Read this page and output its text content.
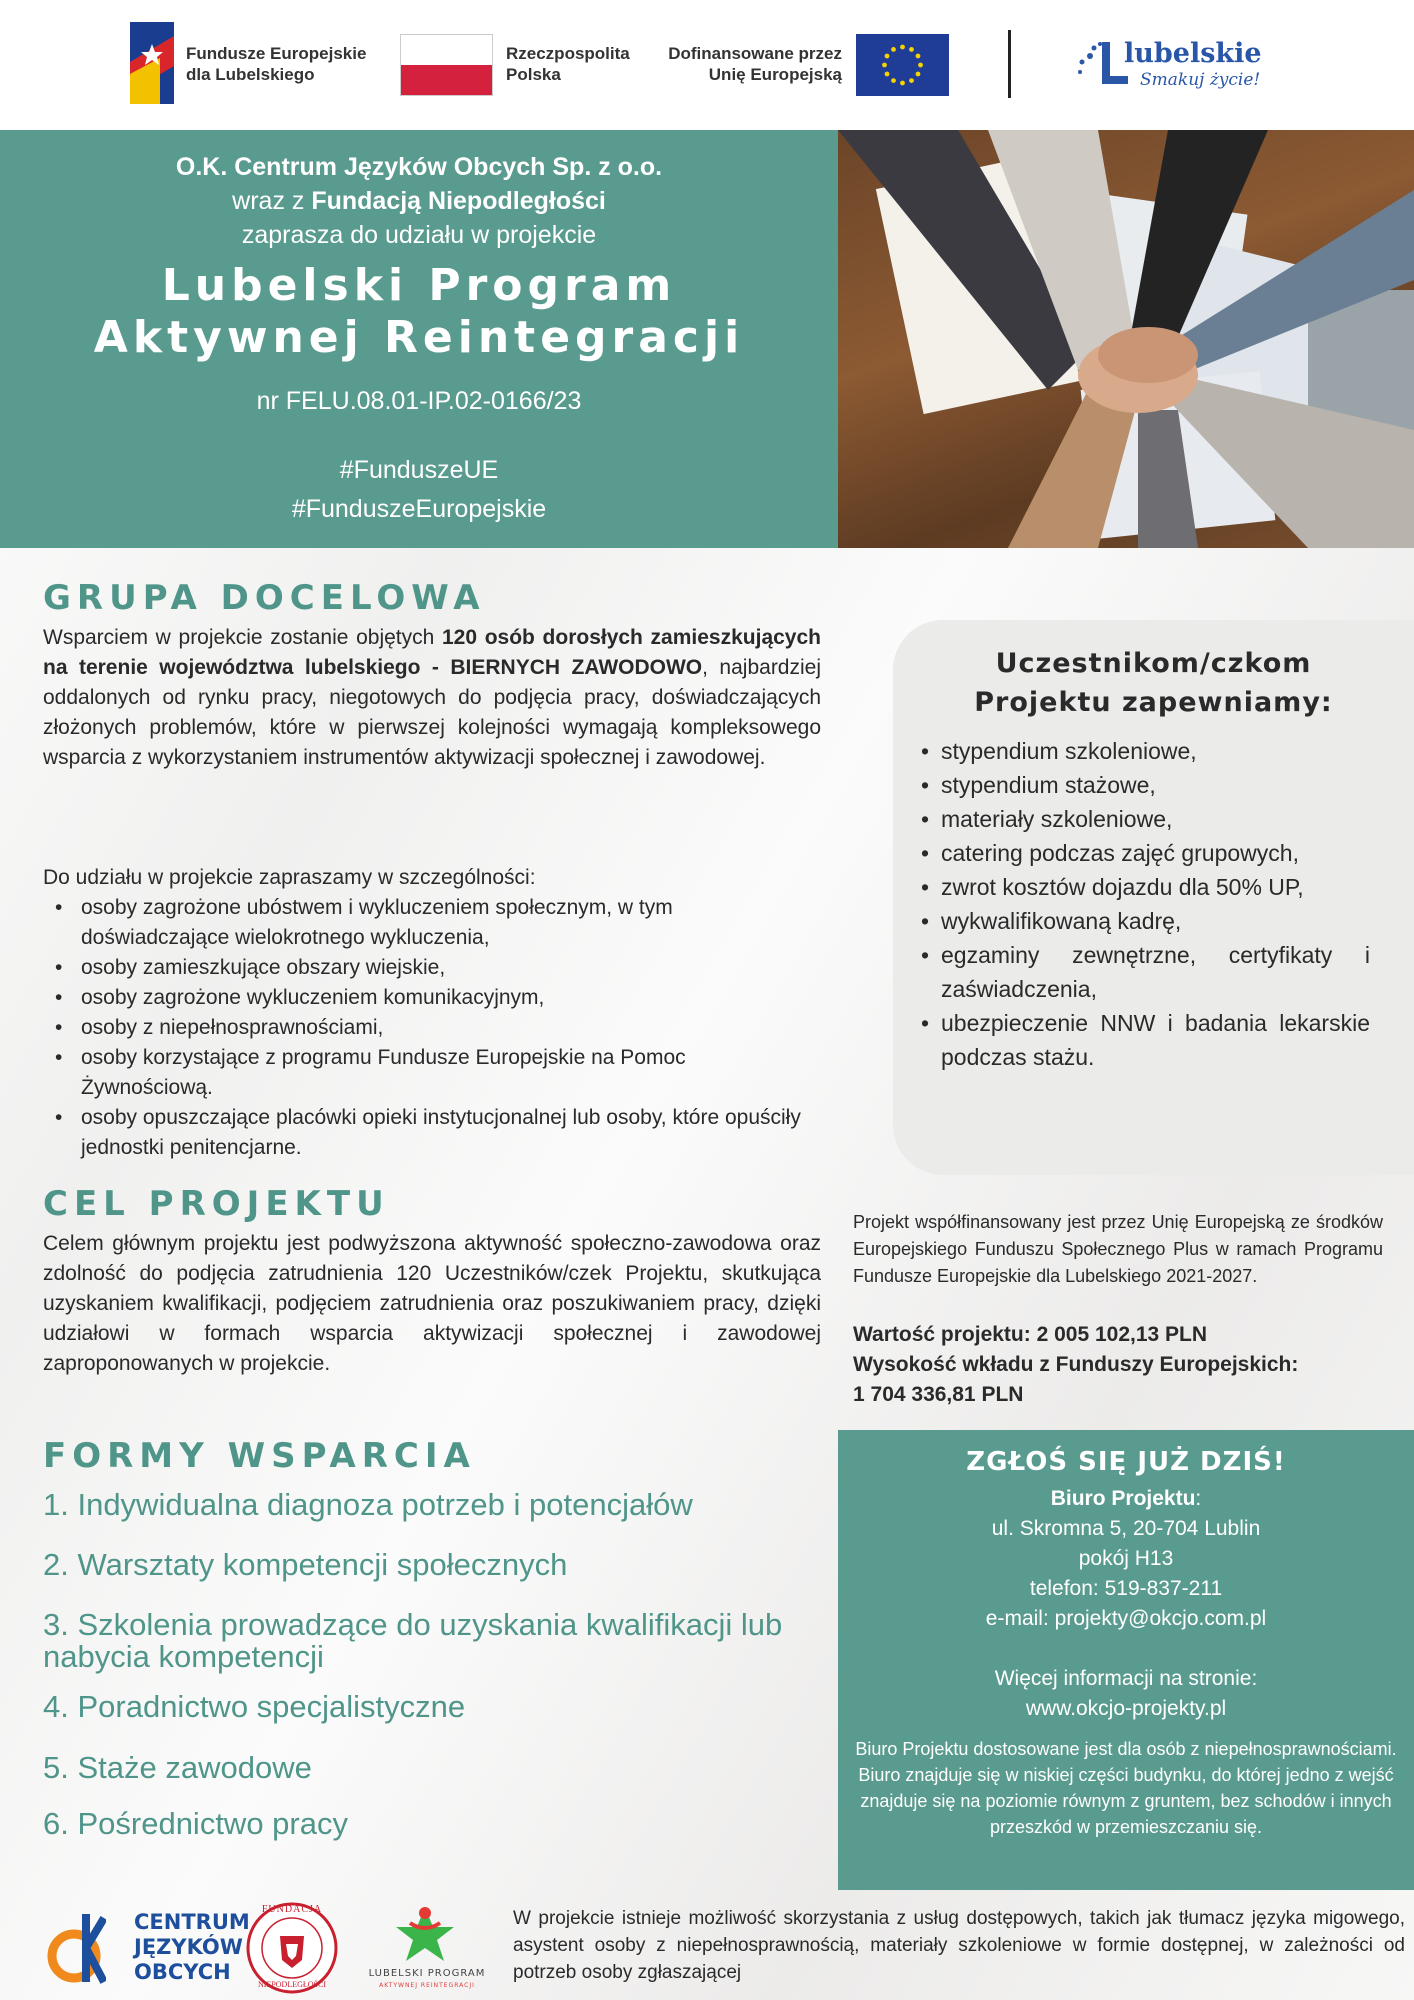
Fundusze Europejskie
dla Lubelskiego
Rzeczpospolita
Polska
Dofinansowane przez
Unię Europejską
lubelskie
Smakuj życie!
O.K. Centrum Języków Obcych Sp. z o.o.
wraz z Fundacją Niepodległości
zaprasza do udziału w projekcie
Lubelski Program
Aktywnej Reintegracji
nr FELU.08.01-IP.02-0166/23
#FunduszeUE
#FunduszeEuropejskie
GRUPA DOCELOWA
Wsparciem w projekcie zostanie objętych 120 osób dorosłych zamieszkujących na terenie województwa lubelskiego - BIERNYCH ZAWODOWO, najbardziej oddalonych od rynku pracy, niegotowych do podjęcia pracy, doświadczających złożonych problemów, które w pierwszej kolejności wymagają kompleksowego wsparcia z wykorzystaniem instrumentów aktywizacji społecznej i zawodowej.
Do udziału w projekcie zapraszamy w szczególności:
• osoby zagrożone ubóstwem i wykluczeniem społecznym, w tym doświadczające wielokrotnego wykluczenia,
• osoby zamieszkujące obszary wiejskie,
• osoby zagrożone wykluczeniem komunikacyjnym,
• osoby z niepełnosprawnościami,
• osoby korzystające z programu Fundusze Europejskie na Pomoc Żywnościową.
• osoby opuszczające placówki opieki instytucjonalnej lub osoby, które opuściły jednostki penitencjarne.
CEL PROJEKTU
Celem głównym projektu jest podwyższona aktywność społeczno-zawodowa oraz zdolność do podjęcia zatrudnienia 120 Uczestników/czek Projektu, skutkująca uzyskaniem kwalifikacji, podjęciem zatrudnienia oraz poszukiwaniem pracy, dzięki udziałowi w formach wsparcia aktywizacji społecznej i zawodowej zaproponowanych w projekcie.
FORMY WSPARCIA
1. Indywidualna diagnoza potrzeb i potencjałów
2. Warsztaty kompetencji społecznych
3. Szkolenia prowadzące do uzyskania kwalifikacji lub nabycia kompetencji
4. Poradnictwo specjalistyczne
5. Staże zawodowe
6. Pośrednictwo pracy
Uczestnikom/czkom
Projektu zapewniamy:
• stypendium szkoleniowe,
• stypendium stażowe,
• materiały szkoleniowe,
• catering podczas zajęć grupowych,
• zwrot kosztów dojazdu dla 50% UP,
• wykwalifikowaną kadrę,
• egzaminy zewnętrzne, certyfikaty i zaświadczenia,
• ubezpieczenie NNW i badania lekarskie podczas stażu.
Projekt współfinansowany jest przez Unię Europejską ze środków Europejskiego Funduszu Społecznego Plus w ramach Programu Fundusze Europejskie dla Lubelskiego 2021-2027.
Wartość projektu: 2 005 102,13 PLN
Wysokość wkładu z Funduszy Europejskich:
1 704 336,81 PLN
ZGŁOŚ SIĘ JUŻ DZIŚ!
Biuro Projektu:
ul. Skromna 5, 20-704 Lublin
pokój H13
telefon: 519-837-211
e-mail: projekty@okcjo.com.pl
Więcej informacji na stronie:
www.okcjo-projekty.pl
Biuro Projektu dostosowane jest dla osób z niepełnosprawnościami. Biuro znajduje się w niskiej części budynku, do której jedno z wejść znajduje się na poziomie równym z gruntem, bez schodów i innych przeszkód w przemieszczaniu się.
CENTRUM
JĘZYKÓW
OBCYCH
FUNDACJA
NIEPODLEGŁOŚCI
LUBELSKI PROGRAM
AKTYWNEJ REINTEGRACJI
W projekcie istnieje możliwość skorzystania z usług dostępowych, takich jak tłumacz języka migowego, asystent osoby z niepełnosprawnością, materiały szkoleniowe w formie dostępnej, w zależności od potrzeb osoby zgłaszającej
